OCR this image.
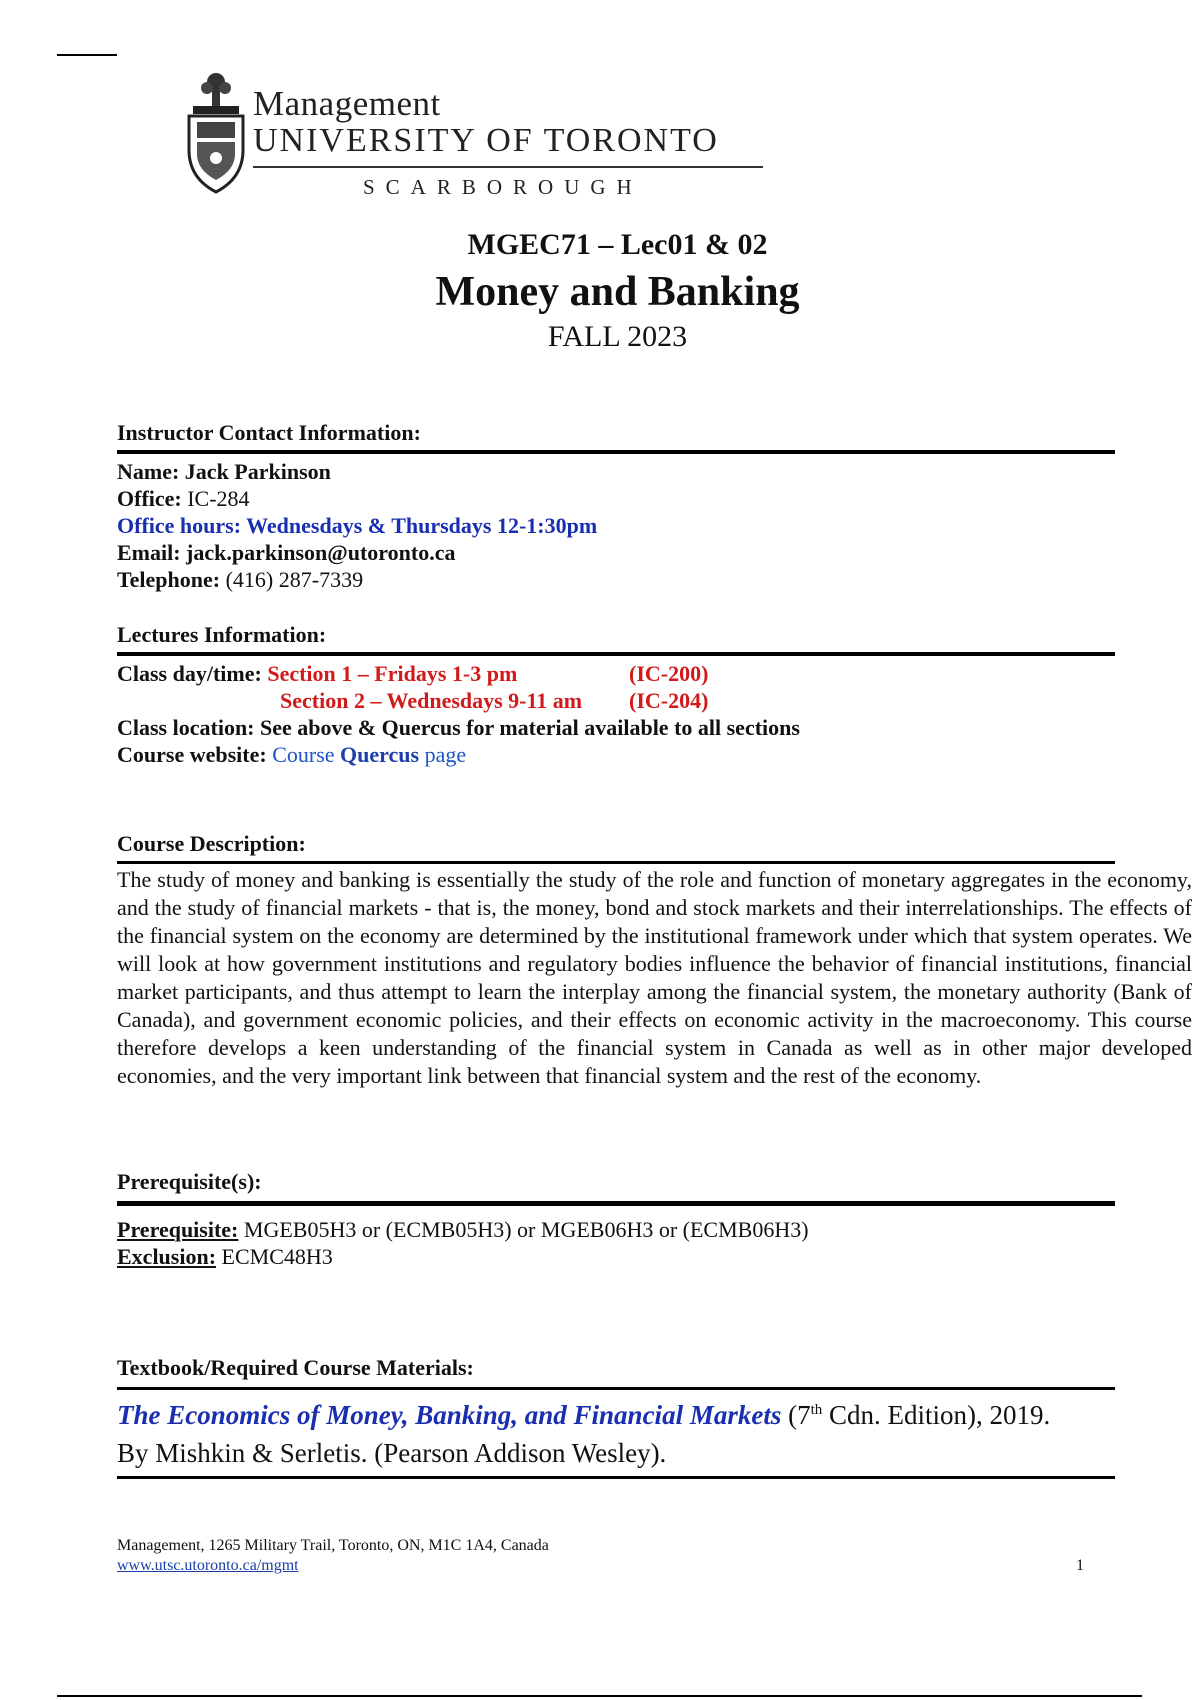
Management
UNIVERSITY OF TORONTO
SCARBOROUGH
MGEC71 – Lec01 & 02
Money and Banking
FALL 2023
Instructor Contact Information:
Name: Jack Parkinson
Office: IC-284
Office hours: Wednesdays & Thursdays 12-1:30pm
Email: jack.parkinson@utoronto.ca
Telephone: (416) 287-7339
Lectures Information:
Class day/time: Section 1 – Fridays 1-3 pm	(IC-200)
Section 2 – Wednesdays 9-11 am (IC-204)
Class location: See above & Quercus for material available to all sections
Course website: Course Quercus page
Course Description:
The study of money and banking is essentially the study of the role and function of monetary aggregates in the economy, and the study of financial markets - that is, the money, bond and stock markets and their interrelationships. The effects of the financial system on the economy are determined by the institutional framework under which that system operates. We will look at how government institutions and regulatory bodies influence the behavior of financial institutions, financial market participants, and thus attempt to learn the interplay among the financial system, the monetary authority (Bank of Canada), and government economic policies, and their effects on economic activity in the macroeconomy. This course therefore develops a keen understanding of the financial system in Canada as well as in other major developed economies, and the very important link between that financial system and the rest of the economy.
Prerequisite(s):
Prerequisite: MGEB05H3 or (ECMB05H3) or MGEB06H3 or (ECMB06H3)
Exclusion: ECMC48H3
Textbook/Required Course Materials:
The Economics of Money, Banking, and Financial Markets (7th Cdn. Edition), 2019.
By Mishkin & Serletis. (Pearson Addison Wesley).
Management, 1265 Military Trail, Toronto, ON, M1C 1A4, Canada
www.utsc.utoronto.ca/mgmt	1
